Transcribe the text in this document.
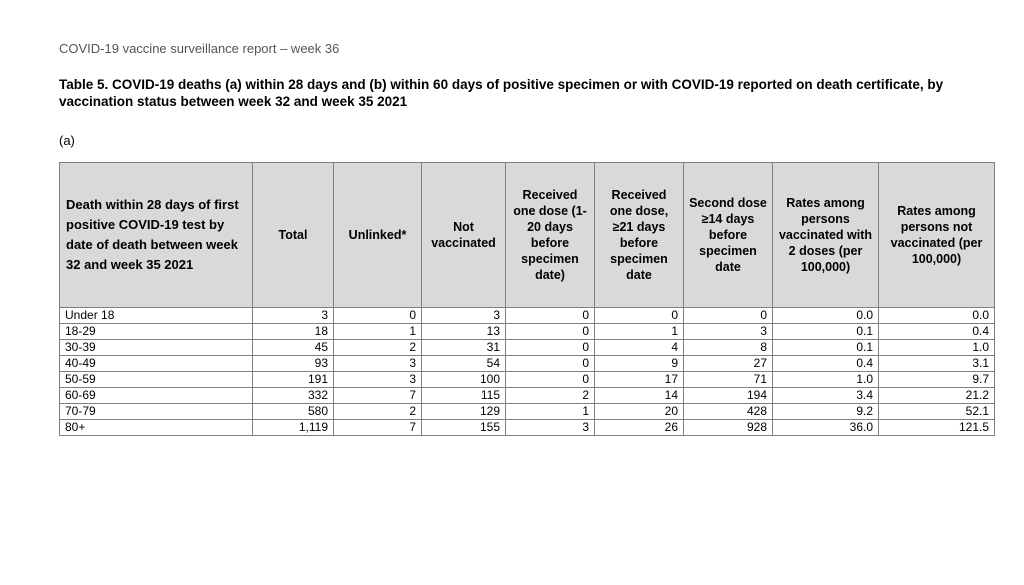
COVID-19 vaccine surveillance report – week 36
Table 5. COVID-19 deaths (a) within 28 days and (b) within 60 days of positive specimen or with COVID-19 reported on death certificate, by vaccination status between week 32 and week 35 2021
(a)
Death within 28 days of first positive COVID-19 test by date of death between week 32 and week 35 2021	Total	Unlinked*	Not vaccinated	Received one dose (1-20 days before specimen date)	Received one dose, ≥21 days before specimen date	Second dose ≥14 days before specimen date	Rates among persons vaccinated with 2 doses (per 100,000)	Rates among persons not vaccinated (per 100,000)
Under 18	3	0	3	0	0	0	0.0	0.0
18-29	18	1	13	0	1	3	0.1	0.4
30-39	45	2	31	0	4	8	0.1	1.0
40-49	93	3	54	0	9	27	0.4	3.1
50-59	191	3	100	0	17	71	1.0	9.7
60-69	332	7	115	2	14	194	3.4	21.2
70-79	580	2	129	1	20	428	9.2	52.1
80+	1,119	7	155	3	26	928	36.0	121.5
